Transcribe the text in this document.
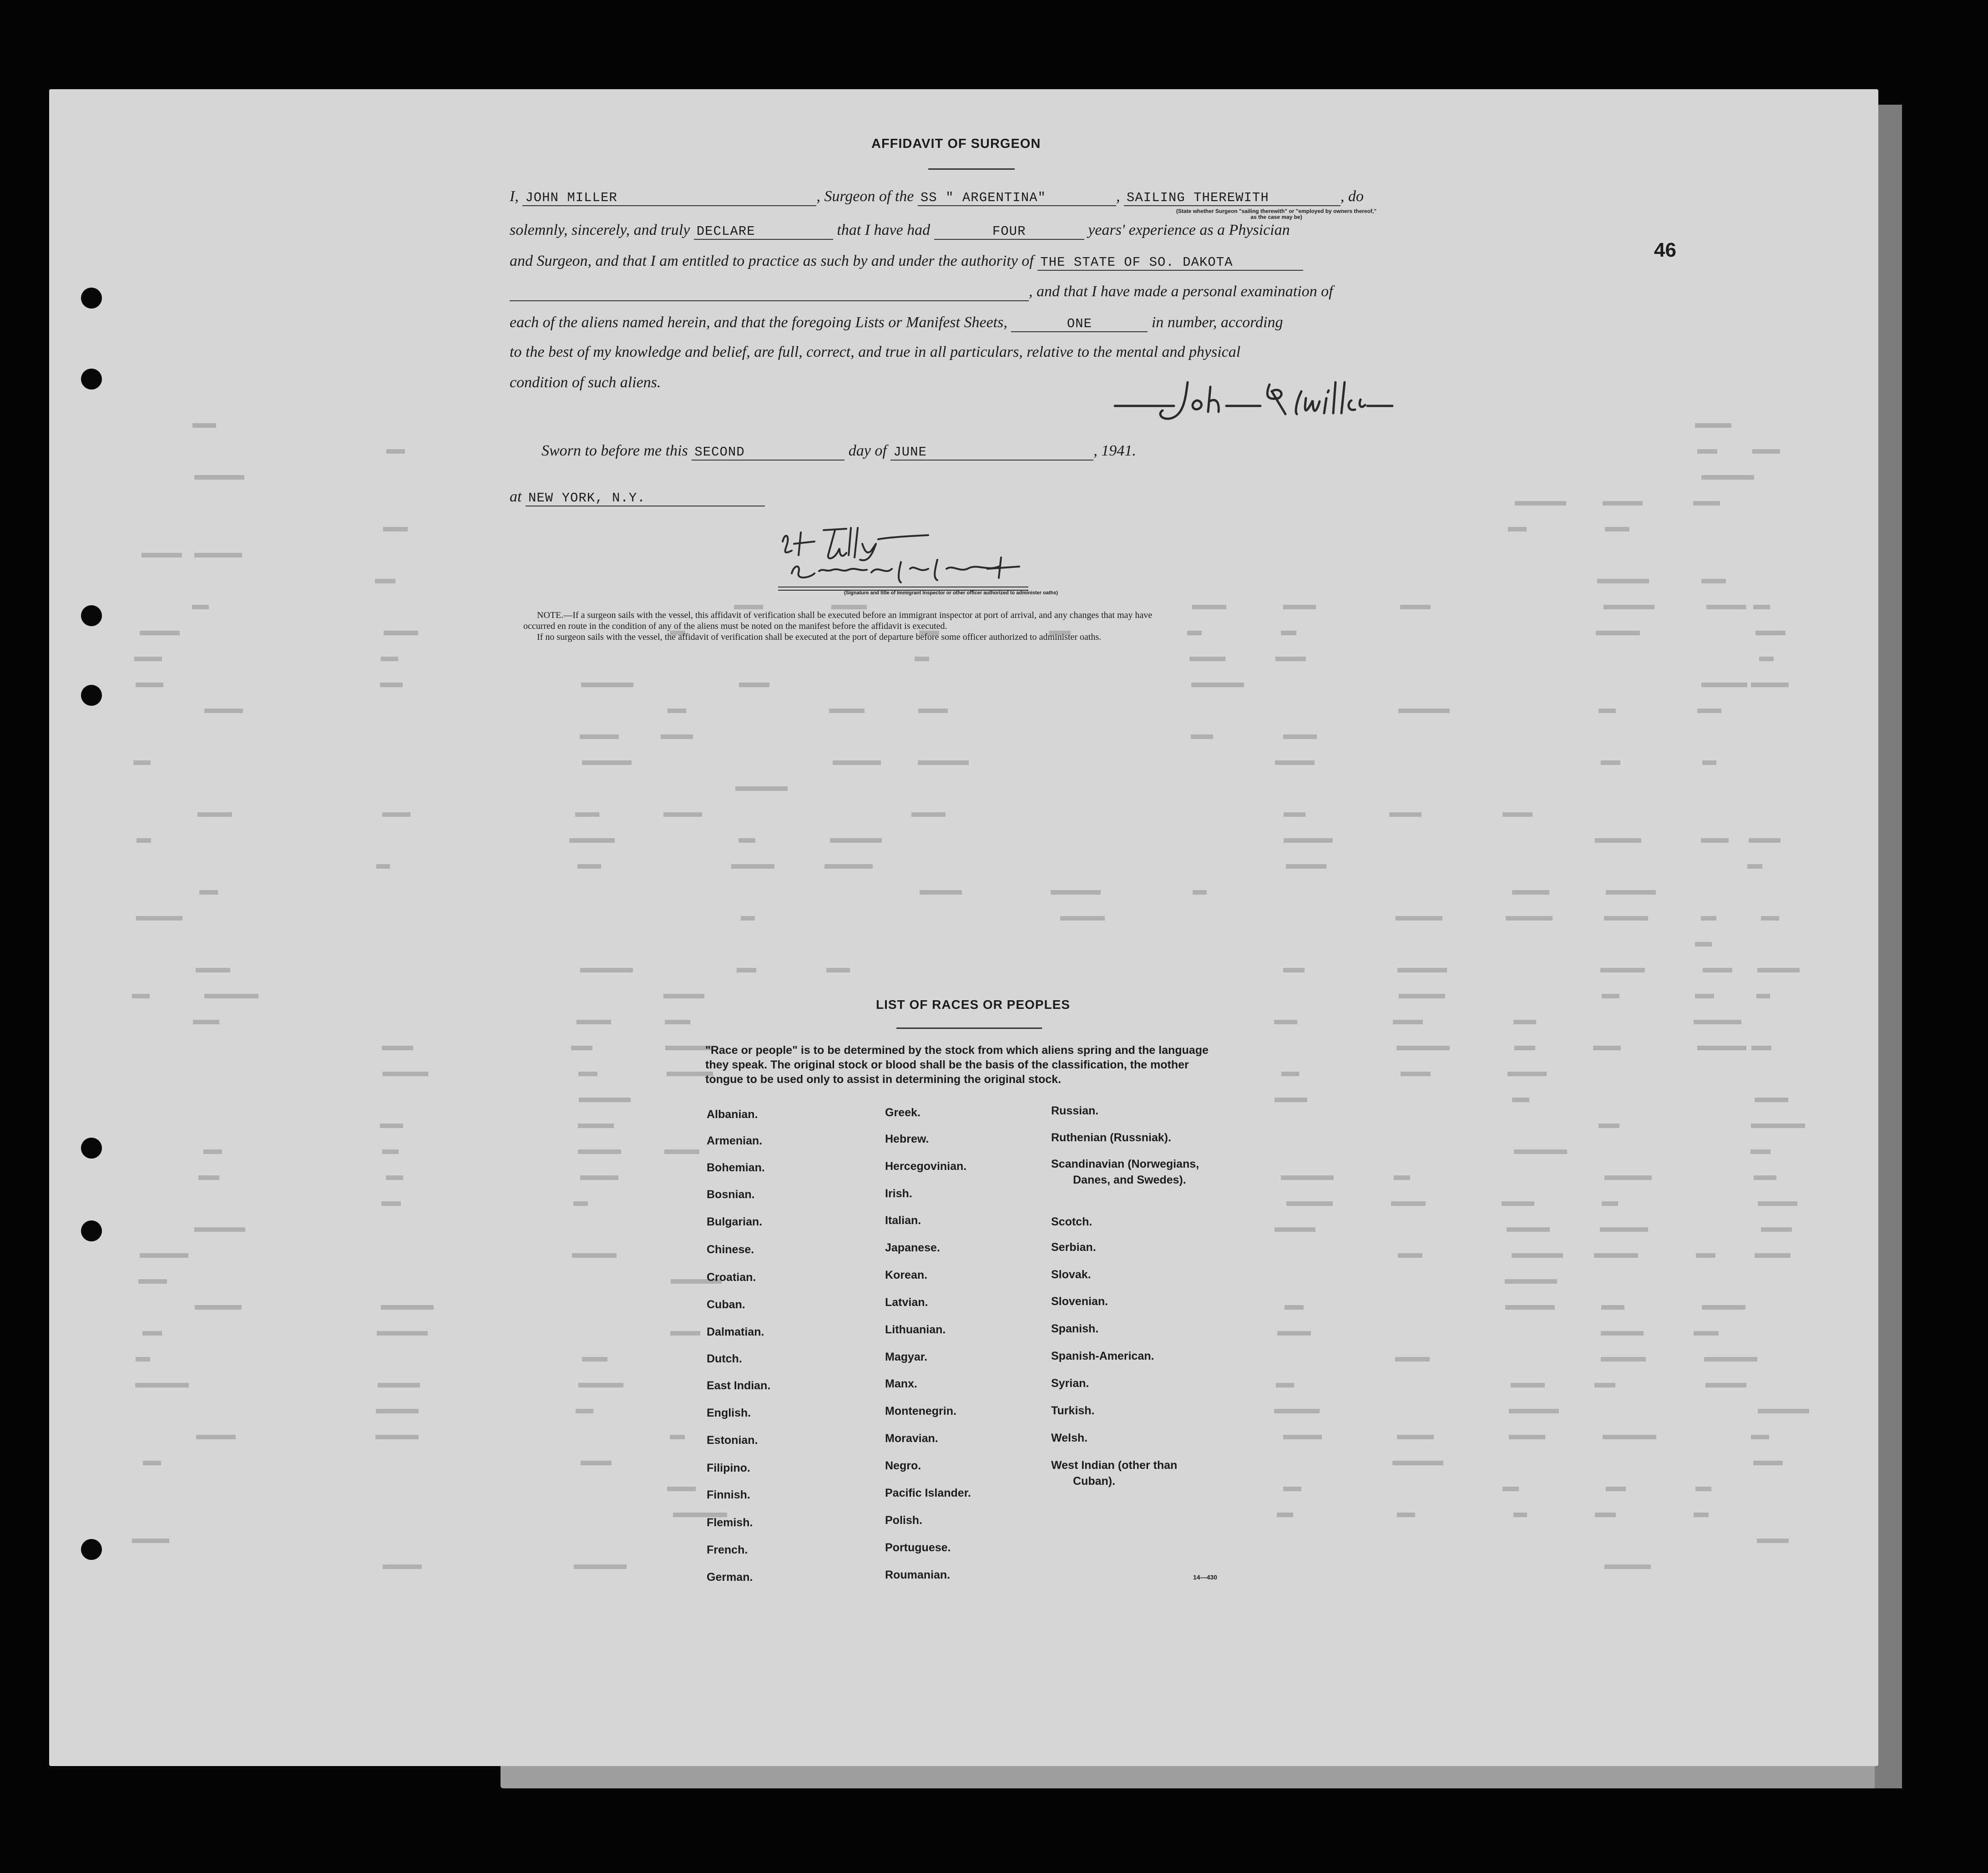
46
AFFIDAVIT OF SURGEON
I, JOHN MILLER	, Surgeon of the SS " ARGENTINA"	, SAILING THEREWITH	, do
(State whether Surgeon "sailing therewith" or "employed by owners thereof," as the case may be)
solemnly, sincerely, and truly DECLARE	that I have had	FOUR	years' experience as a Physician
and Surgeon, and that I am entitled to practice as such by and under the authority of THE STATE OF SO. DAKOTA
, and that I have made a personal examination of
each of the aliens named herein, and that the foregoing Lists or Manifest Sheets,	ONE	in number, according
to the best of my knowledge and belief, are full, correct, and true in all particulars, relative to the mental and physical
condition of such aliens.
Sworn to before me this SECOND	day of JUNE	, 1941.
at NEW YORK, N.Y.
(Signature and title of Immigrant Inspector or other officer authorized to administer oaths)
NOTE.—If a surgeon sails with the vessel, this affidavit of verification shall be executed before an immigrant inspector at port of arrival, and any changes that may have
occurred en route in the condition of any of the aliens must be noted on the manifest before the affidavit is executed.
If no surgeon sails with the vessel, the affidavit of verification shall be executed at the port of departure before some officer authorized to administer oaths.
LIST OF RACES OR PEOPLES
"Race or people" is to be determined by the stock from which aliens spring and the language they speak. The original stock or blood shall be the basis of the classification, the mother tongue to be used only to assist in determining the original stock.
Albanian.
Armenian.
Bohemian.
Bosnian.
Bulgarian.
Chinese.
Croatian.
Cuban.
Dalmatian.
Dutch.
East Indian.
English.
Estonian.
Filipino.
Finnish.
Flemish.
French.
German.
Greek.
Hebrew.
Hercegovinian.
Irish.
Italian.
Japanese.
Korean.
Latvian.
Lithuanian.
Magyar.
Manx.
Montenegrin.
Moravian.
Negro.
Pacific Islander.
Polish.
Portuguese.
Roumanian.
Russian.
Ruthenian (Russniak).
Scandinavian (Norwegians,
Danes, and Swedes).
Scotch.
Serbian.
Slovak.
Slovenian.
Spanish.
Spanish-American.
Syrian.
Turkish.
Welsh.
West Indian (other than
Cuban).
14—430
